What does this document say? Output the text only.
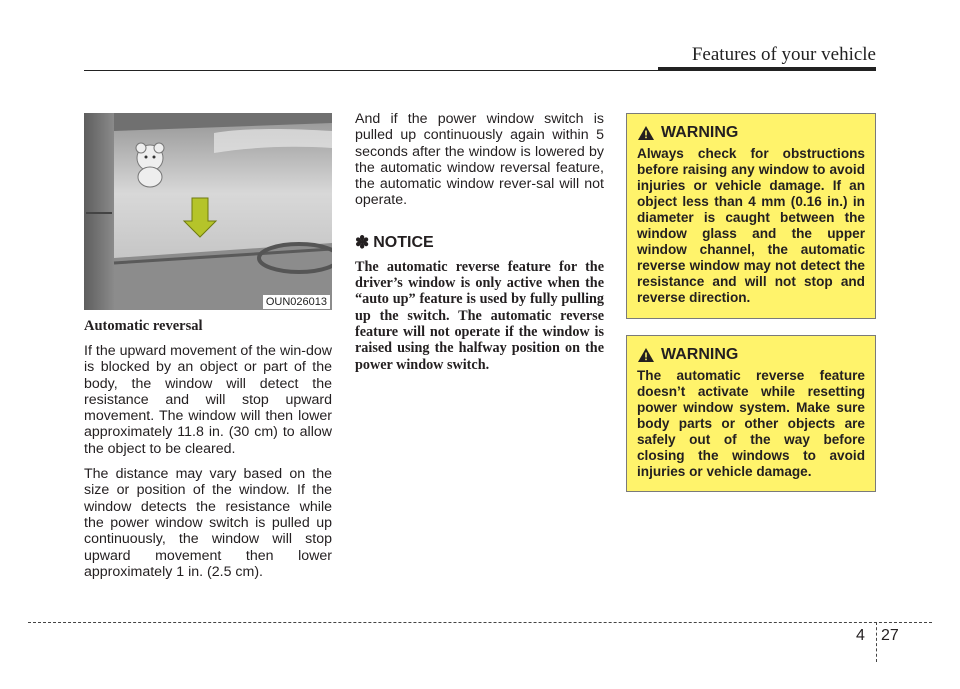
Features of your vehicle
OUN026013
Automatic reversal

If the upward movement of the win-dow is blocked by an object or part of the body, the window will detect the resistance and will stop upward movement. The window will then lower approximately 11.8 in. (30 cm) to allow the object to be cleared.

The distance may vary based on the size or position of the window. If the window detects the resistance while the power window switch is pulled up continuously, the window will stop upward movement then lower approximately 1 in. (2.5 cm).

And if the power window switch is pulled up continuously again within 5 seconds after the window is lowered by the automatic window reversal feature, the automatic window rever-sal will not operate.

✽ NOTICE

The automatic reverse feature for the driver’s window is only active when the “auto up” feature is used by fully pulling up the switch. The automatic reverse feature will not operate if the window is raised using the halfway position on the power window switch.

WARNING

Always check for obstructions before raising any window to avoid injuries or vehicle damage. If an object less than 4 mm (0.16 in.) in diameter is caught between the window glass and the upper window channel, the automatic reverse window may not detect the resistance and will not stop and reverse direction.

WARNING

The automatic reverse feature doesn’t activate while resetting power window system. Make sure body parts or other objects are safely out of the way before closing the windows to avoid injuries or vehicle damage.

4 27
